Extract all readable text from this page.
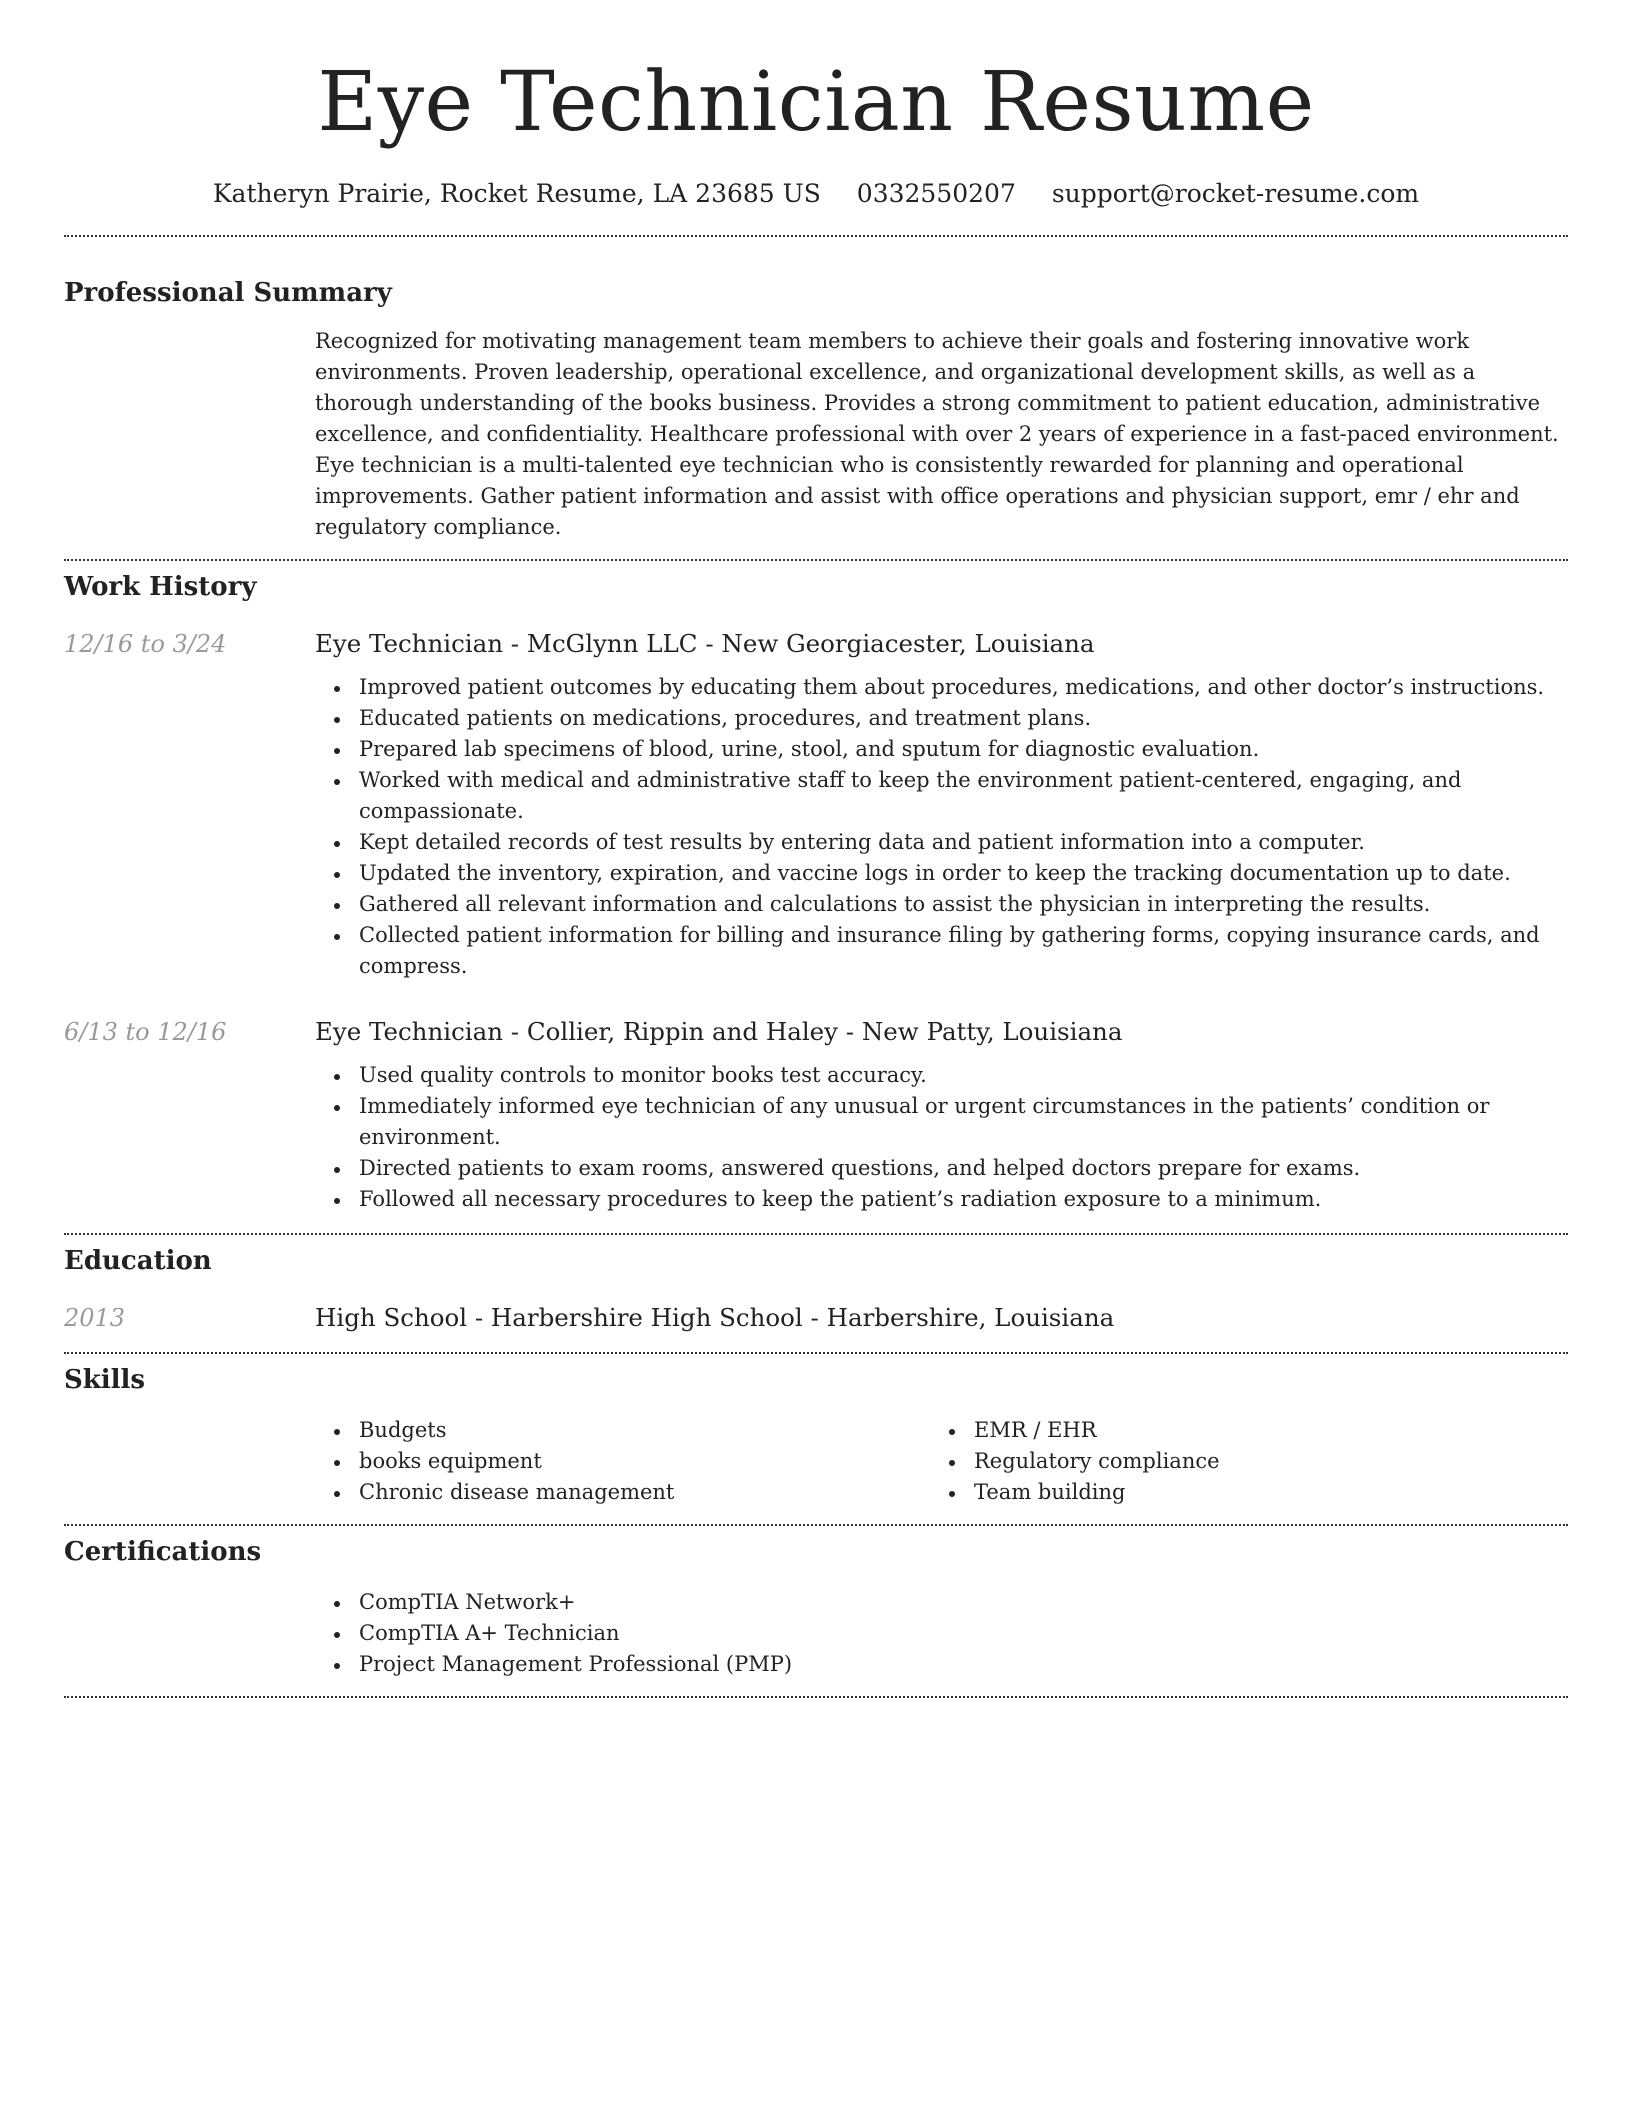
Eye Technician Resume
Katheryn Prairie, Rocket Resume, LA 23685 US 0332550207 support@rocket-resume.com
Professional Summary

Recognized for motivating management team members to achieve their goals and fostering innovative work environments. Proven leadership, operational excellence, and organizational development skills, as well as a thorough understanding of the books business. Provides a strong commitment to patient education, administrative excellence, and confidentiality. Healthcare professional with over 2 years of experience in a fast-paced environment. Eye technician is a multi-talented eye technician who is consistently rewarded for planning and operational improvements. Gather patient information and assist with office operations and physician support, emr / ehr and regulatory compliance.

Work History
12/16 to 3/24	Eye Technician - McGlynn LLC - New Georgiacester, Louisiana
Improved patient outcomes by educating them about procedures, medications, and other doctor’s instructions.
Educated patients on medications, procedures, and treatment plans.
Prepared lab specimens of blood, urine, stool, and sputum for diagnostic evaluation.
Worked with medical and administrative staff to keep the environment patient-centered, engaging, and compassionate.
Kept detailed records of test results by entering data and patient information into a computer.
Updated the inventory, expiration, and vaccine logs in order to keep the tracking documentation up to date.
Gathered all relevant information and calculations to assist the physician in interpreting the results.
Collected patient information for billing and insurance filing by gathering forms, copying insurance cards, and compress.
6/13 to 12/16	Eye Technician - Collier, Rippin and Haley - New Patty, Louisiana
Used quality controls to monitor books test accuracy.
Immediately informed eye technician of any unusual or urgent circumstances in the patients’ condition or environment.
Directed patients to exam rooms, answered questions, and helped doctors prepare for exams.
Followed all necessary procedures to keep the patient’s radiation exposure to a minimum.
Education
2013	High School - Harbershire High School - Harbershire, Louisiana
Skills
Budgets
books equipment
Chronic disease management
EMR / EHR
Regulatory compliance
Team building
Certifications
CompTIA Network+
CompTIA A+ Technician
Project Management Professional (PMP)
